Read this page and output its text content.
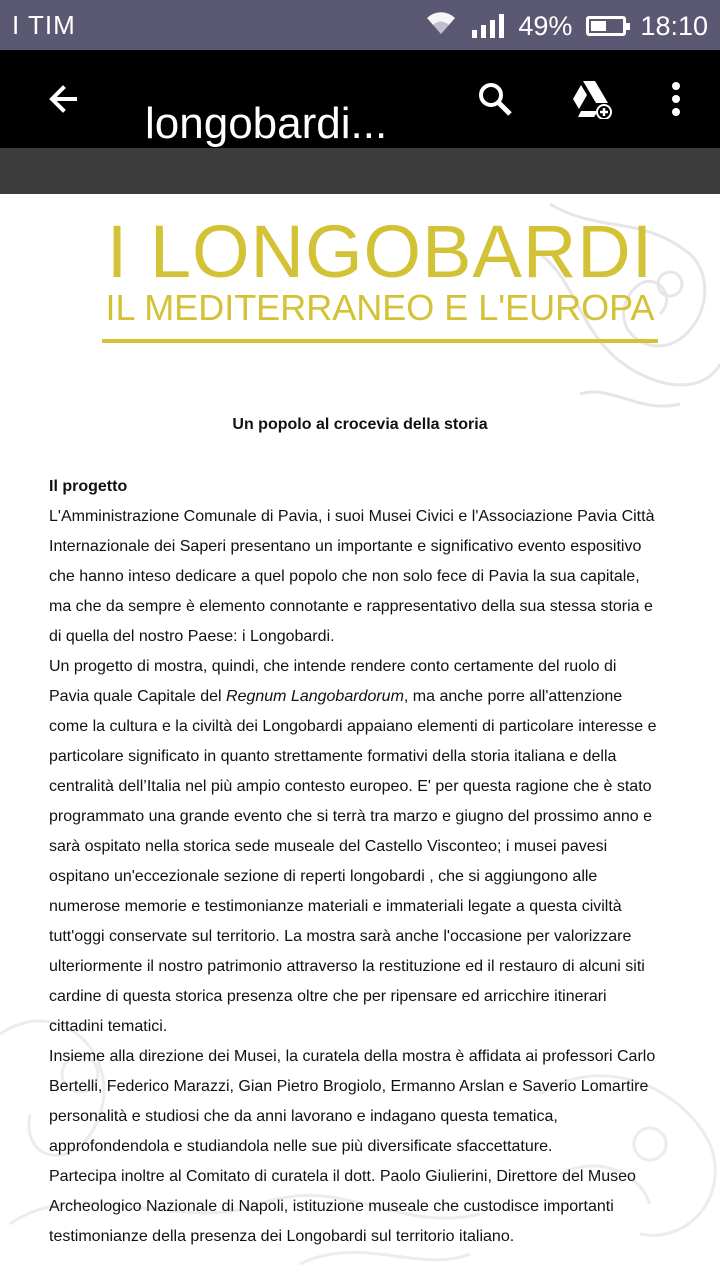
I TIM	49%	18:10
longobardi...
I LONGOBARDI
IL MEDITERRANEO E L'EUROPA
Un popolo al crocevia della storia
Il progetto
L'Amministrazione Comunale di Pavia, i suoi Musei Civici e l'Associazione Pavia Città
Internazionale dei Saperi presentano un importante e significativo evento espositivo
che hanno inteso dedicare a quel popolo che non solo fece di Pavia la sua capitale,
ma che da sempre è elemento connotante e rappresentativo della sua stessa storia e
di quella del nostro Paese: i Longobardi.
Un progetto di mostra, quindi, che intende rendere conto certamente del ruolo di
Pavia quale Capitale del Regnum Langobardorum, ma anche porre all'attenzione
come la cultura e la civiltà dei Longobardi appaiano elementi di particolare interesse e
particolare significato in quanto strettamente formativi della storia italiana e della
centralità dell’Italia nel più ampio contesto europeo. E' per questa ragione che è stato
programmato una grande evento che si terrà tra marzo e giugno del prossimo anno e
sarà ospitato nella storica sede museale del Castello Visconteo; i musei pavesi
ospitano un'eccezionale sezione di reperti longobardi , che si aggiungono alle
numerose memorie e testimonianze materiali e immateriali legate a questa civiltà
tutt'oggi conservate sul territorio. La mostra sarà anche l'occasione per valorizzare
ulteriormente il nostro patrimonio attraverso la restituzione ed il restauro di alcuni siti
cardine di questa storica presenza oltre che per ripensare ed arricchire itinerari
cittadini tematici.
Insieme alla direzione dei Musei, la curatela della mostra è affidata ai professori Carlo
Bertelli, Federico Marazzi, Gian Pietro Brogiolo, Ermanno Arslan e Saverio Lomartire
personalità e studiosi che da anni lavorano e indagano questa tematica,
approfondendola e studiandola nelle sue più diversificate sfaccettature.
Partecipa inoltre al Comitato di curatela il dott. Paolo Giulierini, Direttore del Museo
Archeologico Nazionale di Napoli, istituzione museale che custodisce importanti
testimonianze della presenza dei Longobardi sul territorio italiano.
